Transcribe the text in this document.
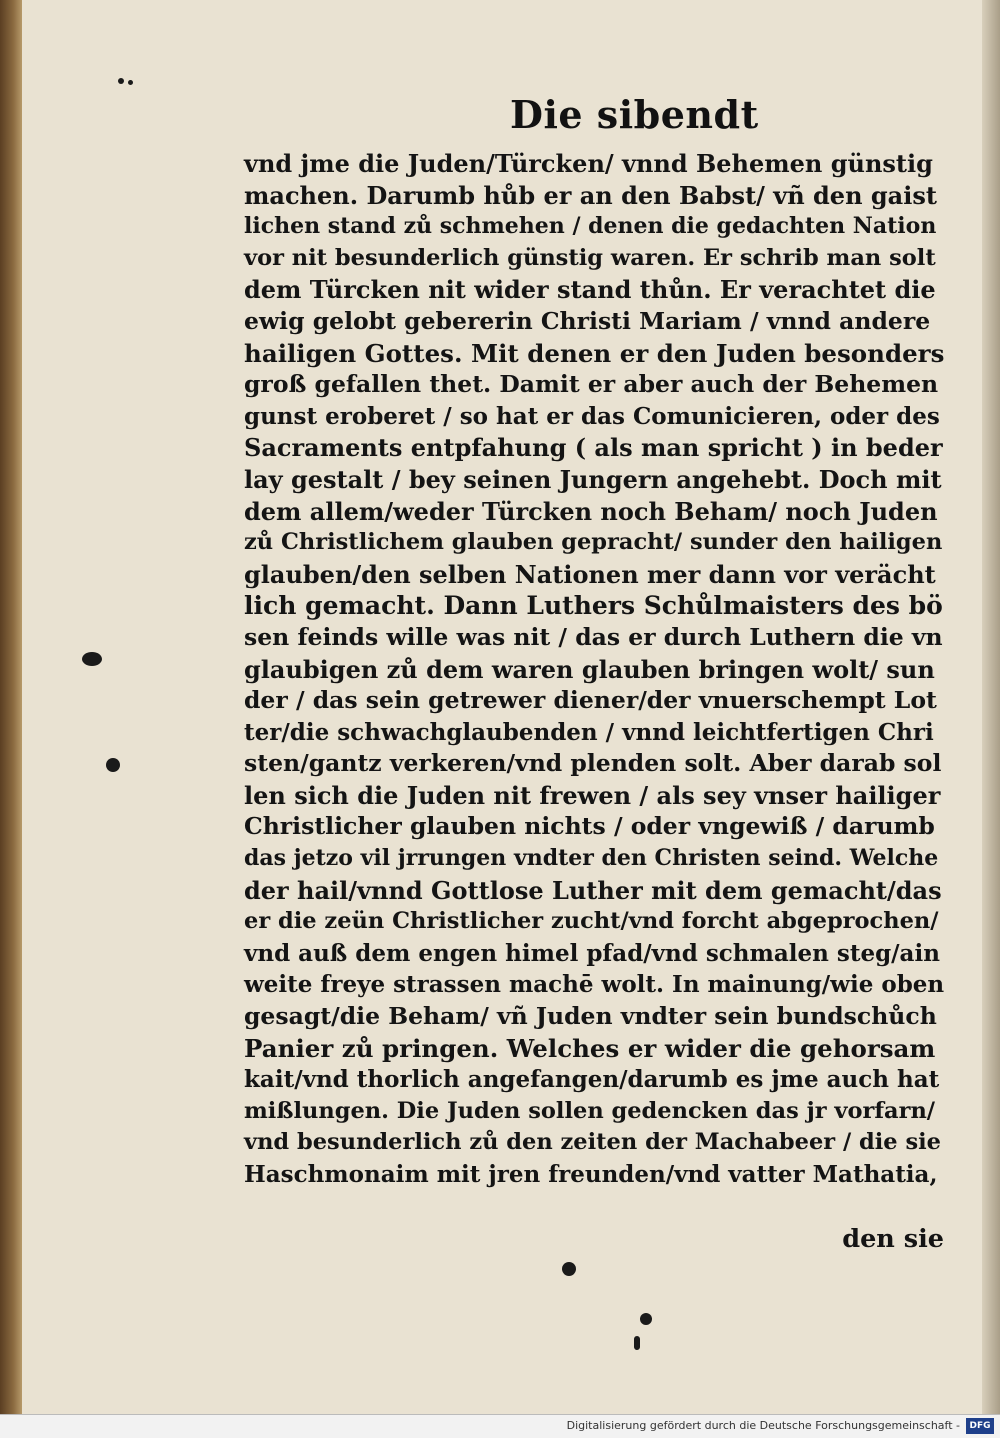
Die sibendt
vnd jme die Juden/Türcken/ vnnd Behemen günstig
machen. Darumb hůb er an den Babst/ vñ den gaist
lichen stand zů schmehen / denen die gedachten Nation
vor nit besunderlich günstig waren. Er schrib man solt
dem Türcken nit wider stand thůn. Er verachtet die
ewig gelobt gebererin Christi Mariam / vnnd andere
hailigen Gottes. Mit denen er den Juden besonders
groß gefallen thet. Damit er aber auch der Behemen
gunst eroberet / so hat er das Comunicieren, oder des
Sacraments entpfahung ( als man spricht ) in beder
lay gestalt / bey seinen Jungern angehebt. Doch mit
dem allem/weder Türcken noch Beham/ noch Juden
zů Christlichem glauben gepracht/ sunder den hailigen
glauben/den selben Nationen mer dann vor verächt
lich gemacht. Dann Luthers Schůlmaisters des bö
sen feinds wille was nit / das er durch Luthern die vn
glaubigen zů dem waren glauben bringen wolt/ sun
der / das sein getrewer diener/der vnuerschempt Lot
ter/die schwachglaubenden / vnnd leichtfertigen Chri
sten/gantz verkeren/vnd plenden solt. Aber darab sol
len sich die Juden nit frewen / als sey vnser hailiger
Christlicher glauben nichts / oder vngewiß / darumb
das jetzo vil jrrungen vndter den Christen seind. Welche
der hail/vnnd Gottlose Luther mit dem gemacht/das
er die zeün Christlicher zucht/vnd forcht abgeprochen/
vnd auß dem engen himel pfad/vnd schmalen steg/ain
weite freye strassen machē wolt. In mainung/wie oben
gesagt/die Beham/ vñ Juden vndter sein bundschůch
Panier zů pringen. Welches er wider die gehorsam
kait/vnd thorlich angefangen/darumb es jme auch hat
mißlungen. Die Juden sollen gedencken das jr vorfarn/
vnd besunderlich zů den zeiten der Machabeer / die sie
Haschmonaim mit jren freunden/vnd vatter Mathatia,
den sie
Digitalisierung gefördert durch die Deutsche Forschungsgemeinschaft -	DFG
